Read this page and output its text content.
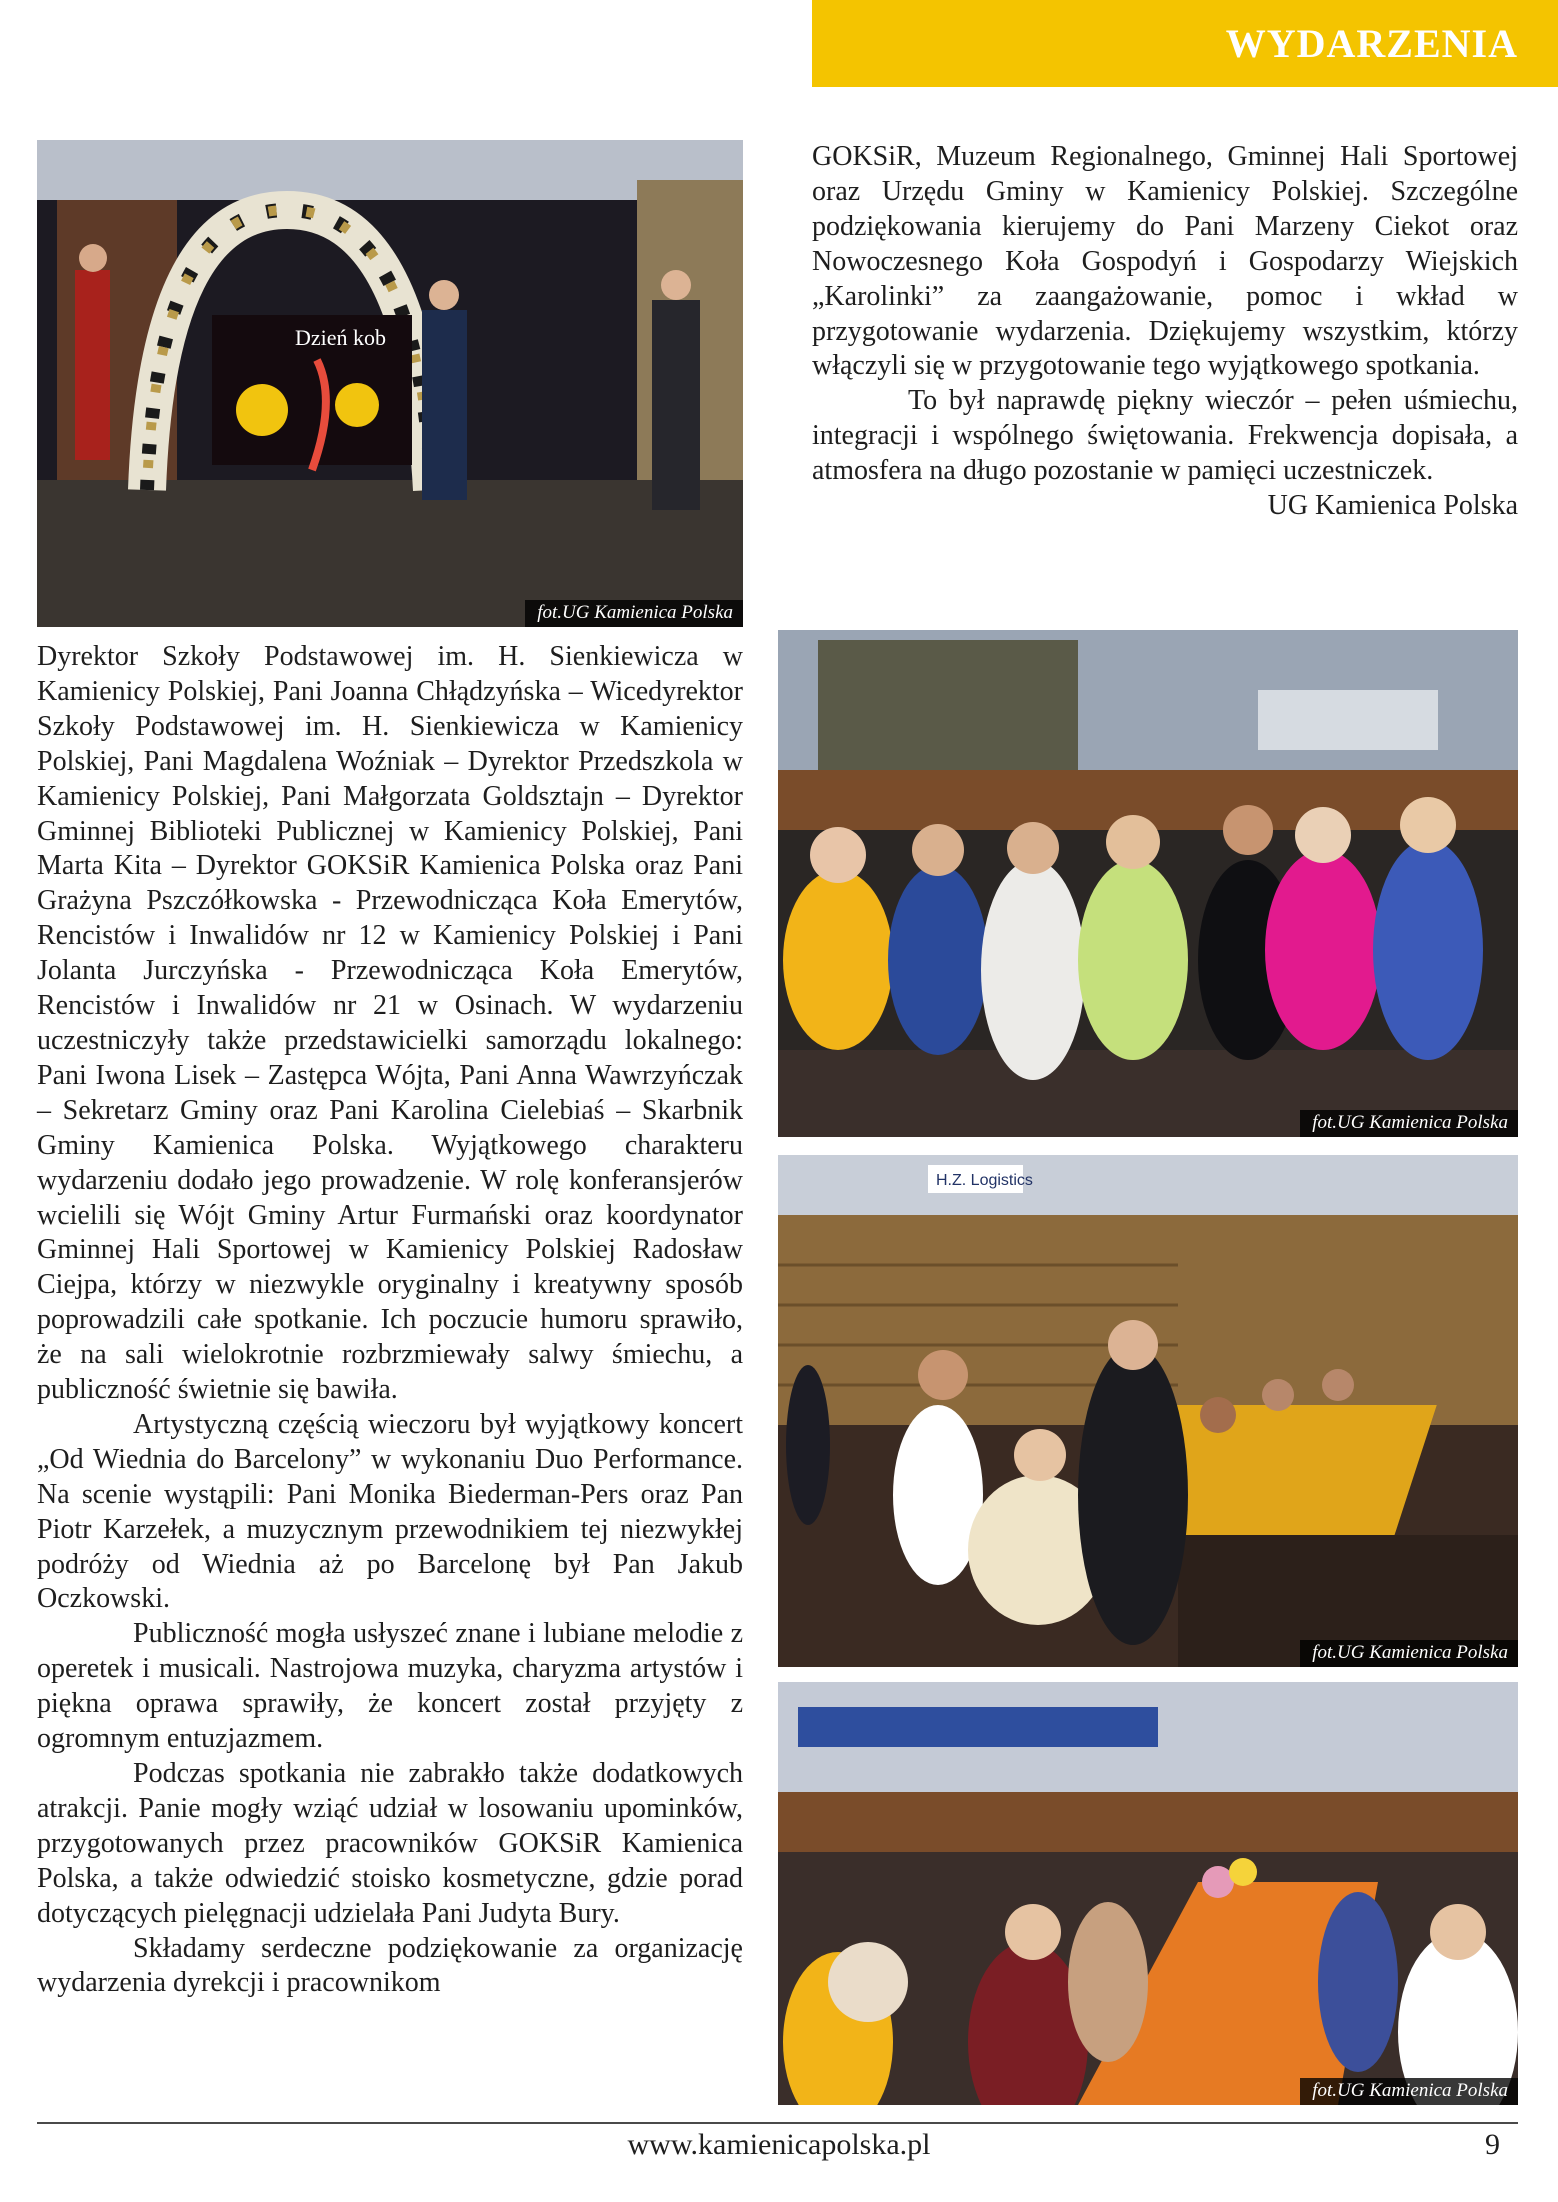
WYDARZENIA
Dzień kob
fot.UG Kamienica Polska
fot.UG Kamienica Polska
H.Z. Logistics
fot.UG Kamienica Polska
fot.UG Kamienica Polska

GOKSiR, Muzeum Regionalnego, Gminnej Hali Sportowej oraz Urzędu Gminy w Kamienicy Polskiej. Szczególne podziękowania kierujemy do Pani Marzeny Ciekot oraz Nowoczesnego Koła Gospodyń i Gospodarzy Wiejskich „Karolinki” za zaangażowanie, pomoc i wkład w przygotowanie wydarzenia. Dziękujemy wszystkim, którzy włączyli się w przygotowanie tego wyjątkowego spotkania.

To był naprawdę piękny wieczór – pełen uśmiechu, integracji i wspólnego świętowania. Frekwencja dopisała, a atmosfera na długo pozostanie w pamięci uczestniczek.

UG Kamienica Polska

Dyrektor Szkoły Podstawowej im. H. Sienkiewicza w Kamienicy Polskiej, Pani Joanna Chłądzyńska – Wicedyrektor Szkoły Podstawowej im. H. Sienkiewicza w Kamienicy Polskiej, Pani Magdalena Woźniak – Dyrektor Przedszkola w Kamienicy Polskiej, Pani Małgorzata Goldsztajn – Dyrektor Gminnej Biblioteki Publicznej w Kamienicy Polskiej, Pani Marta Kita – Dyrektor GOKSiR Kamienica Polska oraz Pani Grażyna Pszczółkowska - Przewodnicząca Koła Emerytów, Rencistów i Inwalidów nr 12 w Kamienicy Polskiej i Pani Jolanta Jurczyńska - Przewodnicząca Koła Emerytów, Rencistów i Inwalidów nr 21 w Osinach. W wydarzeniu uczestniczyły także przedstawicielki samorządu lokalnego: Pani Iwona Lisek – Zastępca Wójta, Pani Anna Wawrzyńczak – Sekretarz Gminy oraz Pani Karolina Cielebiaś – Skarbnik Gminy Kamienica Polska. Wyjątkowego charakteru wydarzeniu dodało jego prowadzenie. W rolę konferansjerów wcielili się Wójt Gminy Artur Furmański oraz koordynator Gminnej Hali Sportowej w Kamienicy Polskiej Radosław Ciejpa, którzy w niezwykle oryginalny i kreatywny sposób poprowadzili całe spotkanie. Ich poczucie humoru sprawiło, że na sali wielokrotnie rozbrzmiewały salwy śmiechu, a publiczność świetnie się bawiła.

Artystyczną częścią wieczoru był wyjątkowy koncert „Od Wiednia do Barcelony” w wykonaniu Duo Performance. Na scenie wystąpili: Pani Monika Biederman-Pers oraz Pan Piotr Karzełek, a muzycznym przewodnikiem tej niezwykłej podróży od Wiednia aż po Barcelonę był Pan Jakub Oczkowski.

Publiczność mogła usłyszeć znane i lubiane melodie z operetek i musicali. Nastrojowa muzyka, charyzma artystów i piękna oprawa sprawiły, że koncert został przyjęty z ogromnym entuzjazmem.

Podczas spotkania nie zabrakło także dodatkowych atrakcji. Panie mogły wziąć udział w losowaniu upominków, przygotowanych przez pracowników GOKSiR Kamienica Polska, a także odwiedzić stoisko kosmetyczne, gdzie porad dotyczących pielęgnacji udzielała Pani Judyta Bury.

Składamy serdeczne podziękowanie za organizację wydarzenia dyrekcji i pracownikom

www.kamienicapolska.pl	9
